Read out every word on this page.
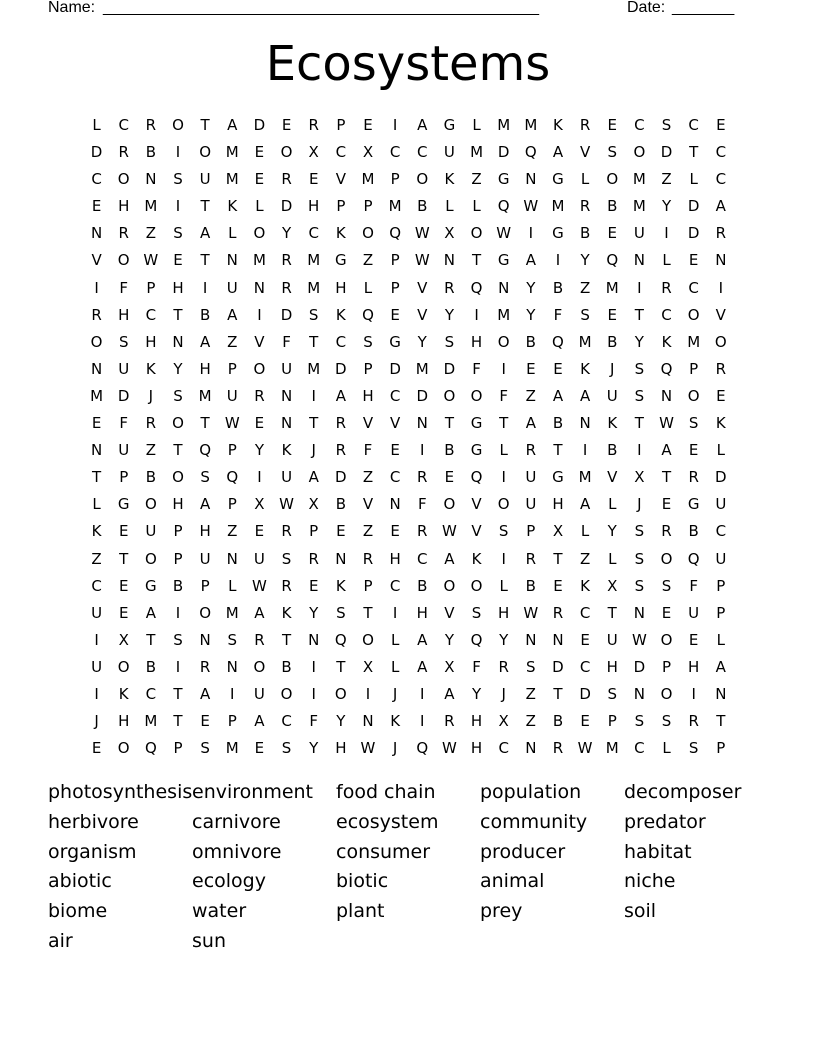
Name: _________________________________________________	Date: _______
Ecosystems
L	C	R	O	T	A	D	E	R	P	E	I	A	G	L	M M	K	R	E	C	S	C	E
D	R	B	I	O M	E	O	X	C	X	C	C	U	M D	Q	A	V	S	O	D	T	C
C	O	N	S	U	M	E	R	E	V	M	P	O	K	Z	G	N	G	L	O M	Z	L	C
E	H	M	I	T	K	L	D	H	P	P	M	B	L	L	Q W M	R	B	M	Y	D	A
N	R	Z	S	A	L	O	Y	C	K	O	Q W X	O W	I	G	B	E	U	I	D	R
V	O W E	T	N	M	R	M G	Z	P	W N	T	G	A	I	Y	Q	N	L	E	N
I	F	P	H	I	U	N	R	M	H	L	P	V	R	Q	N	Y	B	Z	M	I	R	C	I
R	H	C	T	B	A	I	D	S	K	Q	E	V	Y	I	M	Y	F	S	E	T	C	O	V
O	S	H	N	A	Z	V	F	T	C	S	G	Y	S	H	O	B	Q M	B	Y	K	M O
N	U	K	Y	H	P	O	U	M D	P	D M D	F	I	E	E	K	J	S	Q	P	R
M D	J	S	M	U	R	N	I	A	H	C	D	O	O	F	Z	A	A	U	S	N	O	E
E	F	R	O	T	W E	N	T	R	V	V	N	T	G	T	A	B	N	K	T	W S	K
N	U	Z	T	Q	P	Y	K	J	R	F	E	I	B	G	L	R	T	I	B	I	A	E	L
T	P	B	O	S	Q	I	U	A	D	Z	C	R	E	Q	I	U	G M	V	X	T	R	D
L	G	O	H	A	P	X W X	B	V	N	F	O	V	O	U	H	A	L	J	E	G	U
K	E	U	P	H	Z	E	R	P	E	Z	E	R W V	S	P	X	L	Y	S	R	B	C
Z	T	O	P	U	N	U	S	R	N	R	H	C	A	K	I	R	T	Z	L	S	O	Q	U
C	E	G	B	P	L	W R	E	K	P	C	B	O	O	L	B	E	K	X	S	S	F	P
U	E	A	I	O M	A	K	Y	S	T	I	H	V	S	H W R	C	T	N	E	U	P
I	X	T	S	N	S	R	T	N	Q	O	L	A	Y	Q	Y	N	N	E	U W O	E	L
U	O	B	I	R	N	O	B	I	T	X	L	A	X	F	R	S	D	C	H	D	P	H	A
I	K	C	T	A	I	U	O	I	O	I	J	I	A	Y	J	Z	T	D	S	N	O	I	N
J	H	M	T	E	P	A	C	F	Y	N	K	I	R	H	X	Z	B	E	P	S	S	R	T
E	O	Q	P	S	M	E	S	Y	H W	J	Q W H	C	N	R W M	C	L	S	P
photosynthesis environment	food chain	population	decomposer
herbivore	carnivore	ecosystem	community	predator
organism	omnivore	consumer	producer	habitat
abiotic	ecology	biotic	animal	niche
biome	water	plant	prey	soil
air	sun
